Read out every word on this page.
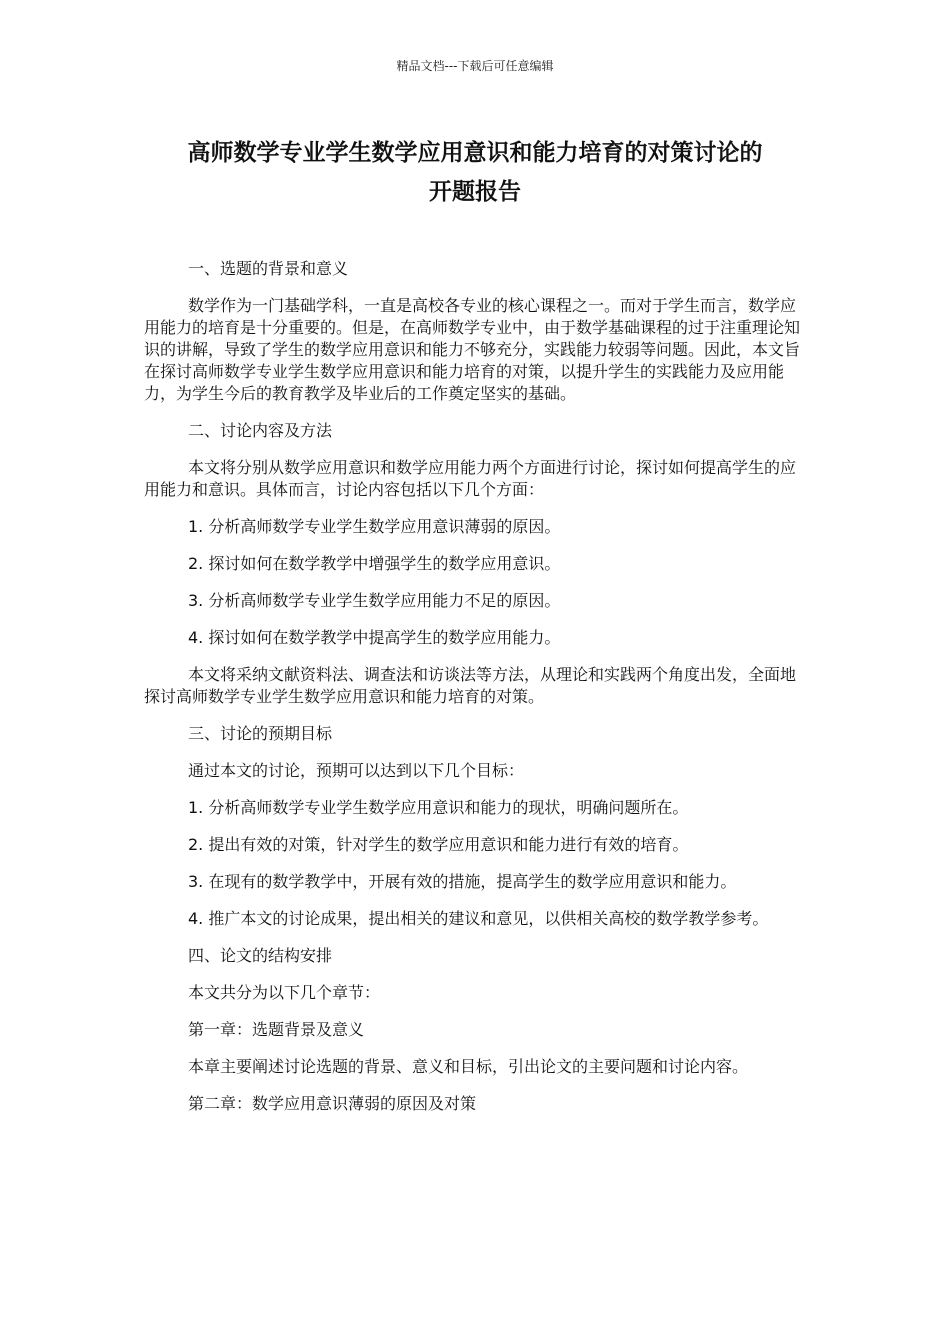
精品文档---下载后可任意编辑
高师数学专业学生数学应用意识和能力培育的对策讨论的
开题报告

一、选题的背景和意义

数学作为一门基础学科，一直是高校各专业的核心课程之一。而对于学生而言，数学应用能力的培育是十分重要的。但是，在高师数学专业中，由于数学基础课程的过于注重理论知识的讲解，导致了学生的数学应用意识和能力不够充分，实践能力较弱等问题。因此，本文旨在探讨高师数学专业学生数学应用意识和能力培育的对策，以提升学生的实践能力及应用能力，为学生今后的教育教学及毕业后的工作奠定坚实的基础。

二、讨论内容及方法

本文将分别从数学应用意识和数学应用能力两个方面进行讨论，探讨如何提高学生的应用能力和意识。具体而言，讨论内容包括以下几个方面：

1. 分析高师数学专业学生数学应用意识薄弱的原因。

2. 探讨如何在数学教学中增强学生的数学应用意识。

3. 分析高师数学专业学生数学应用能力不足的原因。

4. 探讨如何在数学教学中提高学生的数学应用能力。

本文将采纳文献资料法、调查法和访谈法等方法，从理论和实践两个角度出发，全面地探讨高师数学专业学生数学应用意识和能力培育的对策。

三、讨论的预期目标

通过本文的讨论，预期可以达到以下几个目标：

1. 分析高师数学专业学生数学应用意识和能力的现状，明确问题所在。

2. 提出有效的对策，针对学生的数学应用意识和能力进行有效的培育。

3. 在现有的数学教学中，开展有效的措施，提高学生的数学应用意识和能力。

4. 推广本文的讨论成果，提出相关的建议和意见，以供相关高校的数学教学参考。

四、论文的结构安排

本文共分为以下几个章节：

第一章：选题背景及意义

本章主要阐述讨论选题的背景、意义和目标，引出论文的主要问题和讨论内容。

第二章：数学应用意识薄弱的原因及对策
